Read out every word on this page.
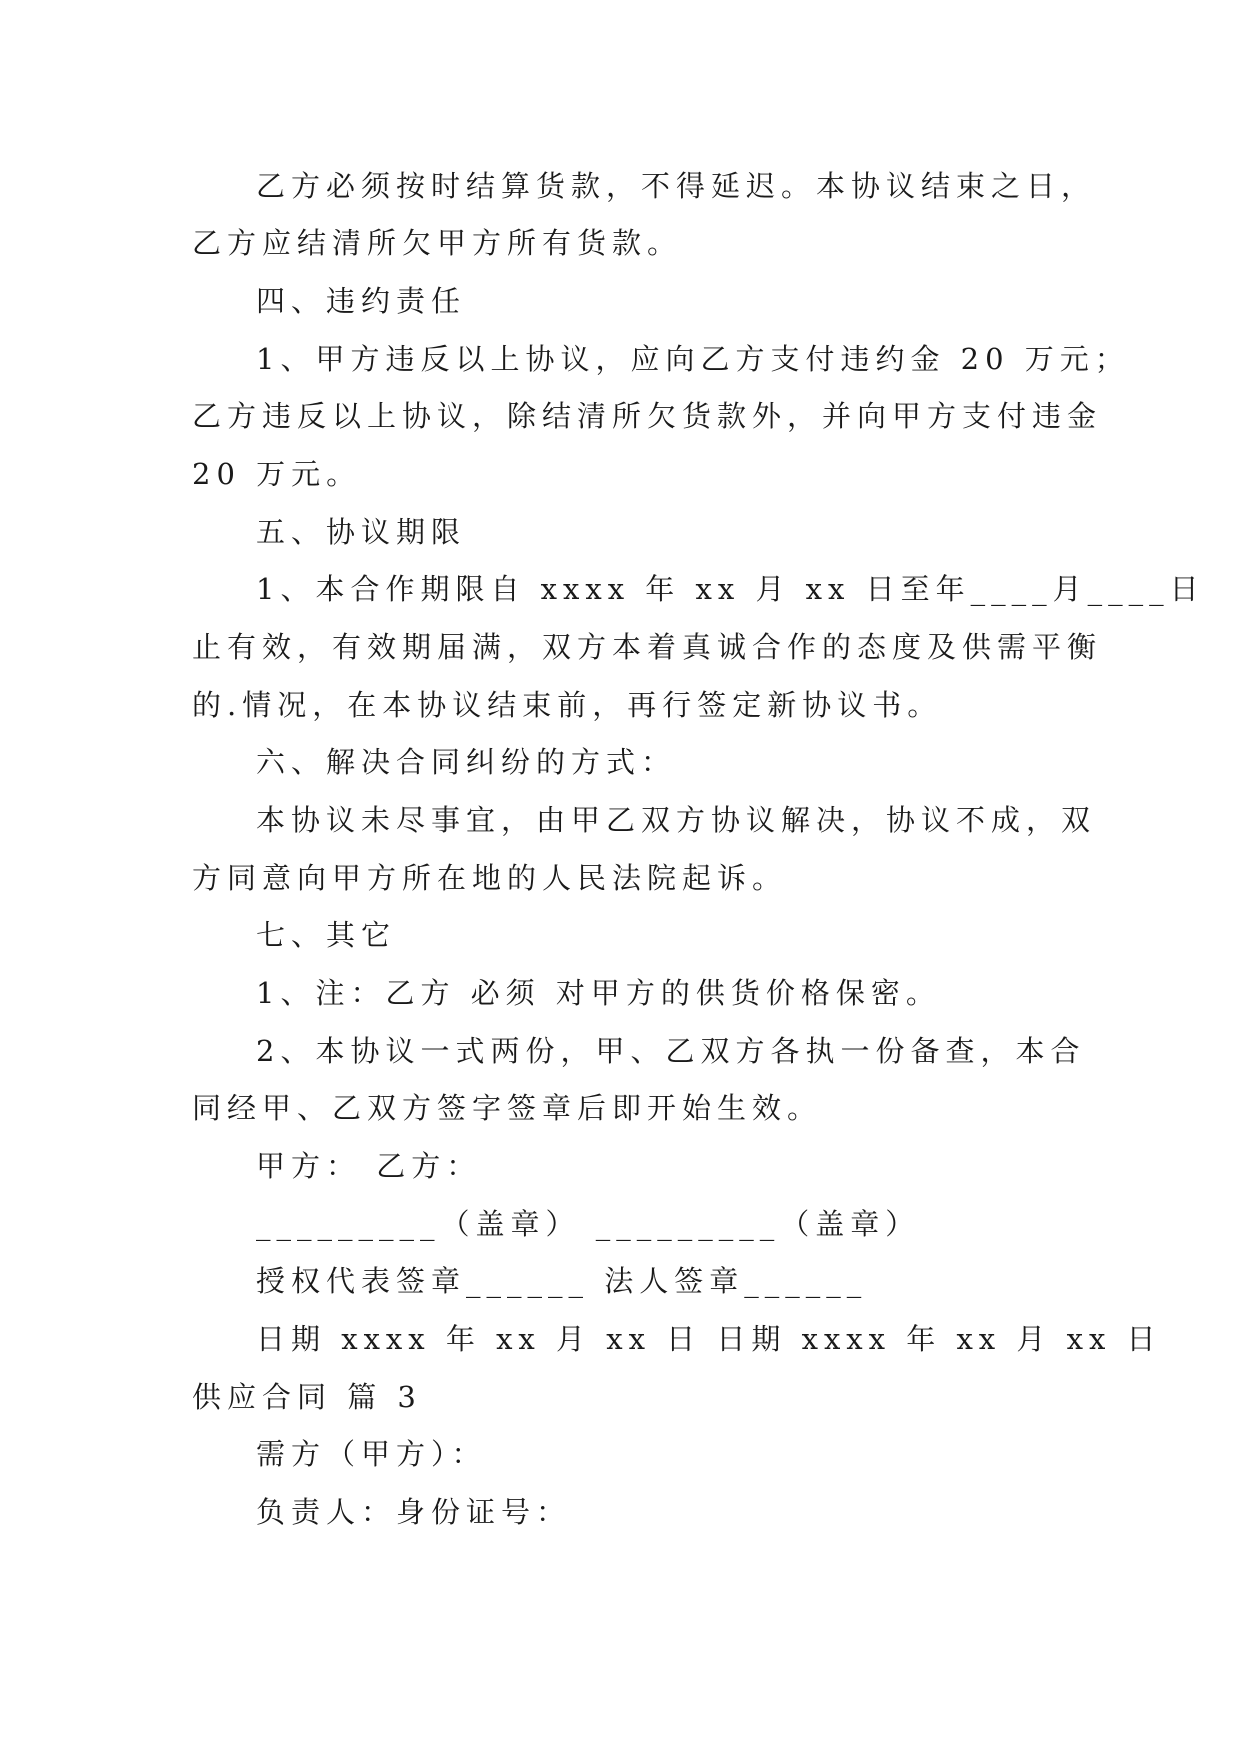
乙方必须按时结算货款，不得延迟。本协议结束之日，
乙方应结清所欠甲方所有货款。
四、违约责任
1、甲方违反以上协议，应向乙方支付违约金 20 万元；
乙方违反以上协议，除结清所欠货款外，并向甲方支付违金
20 万元。
五、协议期限
1、本合作期限自 xxxx 年 xx 月 xx 日至年____月____日
止有效，有效期届满，双方本着真诚合作的态度及供需平衡
的.情况，在本协议结束前，再行签定新协议书。
六、解决合同纠纷的方式：
本协议未尽事宜，由甲乙双方协议解决，协议不成，双
方同意向甲方所在地的人民法院起诉。
七、其它
1、注：乙方 必须 对甲方的供货价格保密。
2、本协议一式两份，甲、乙双方各执一份备查，本合
同经甲、乙双方签字签章后即开始生效。
甲方： 乙方：
_________（盖章） _________（盖章）
授权代表签章______ 法人签章______
日期 xxxx 年 xx 月 xx 日 日期 xxxx 年 xx 月 xx 日
供应合同 篇 3
需方（甲方）：
负责人：身份证号：
